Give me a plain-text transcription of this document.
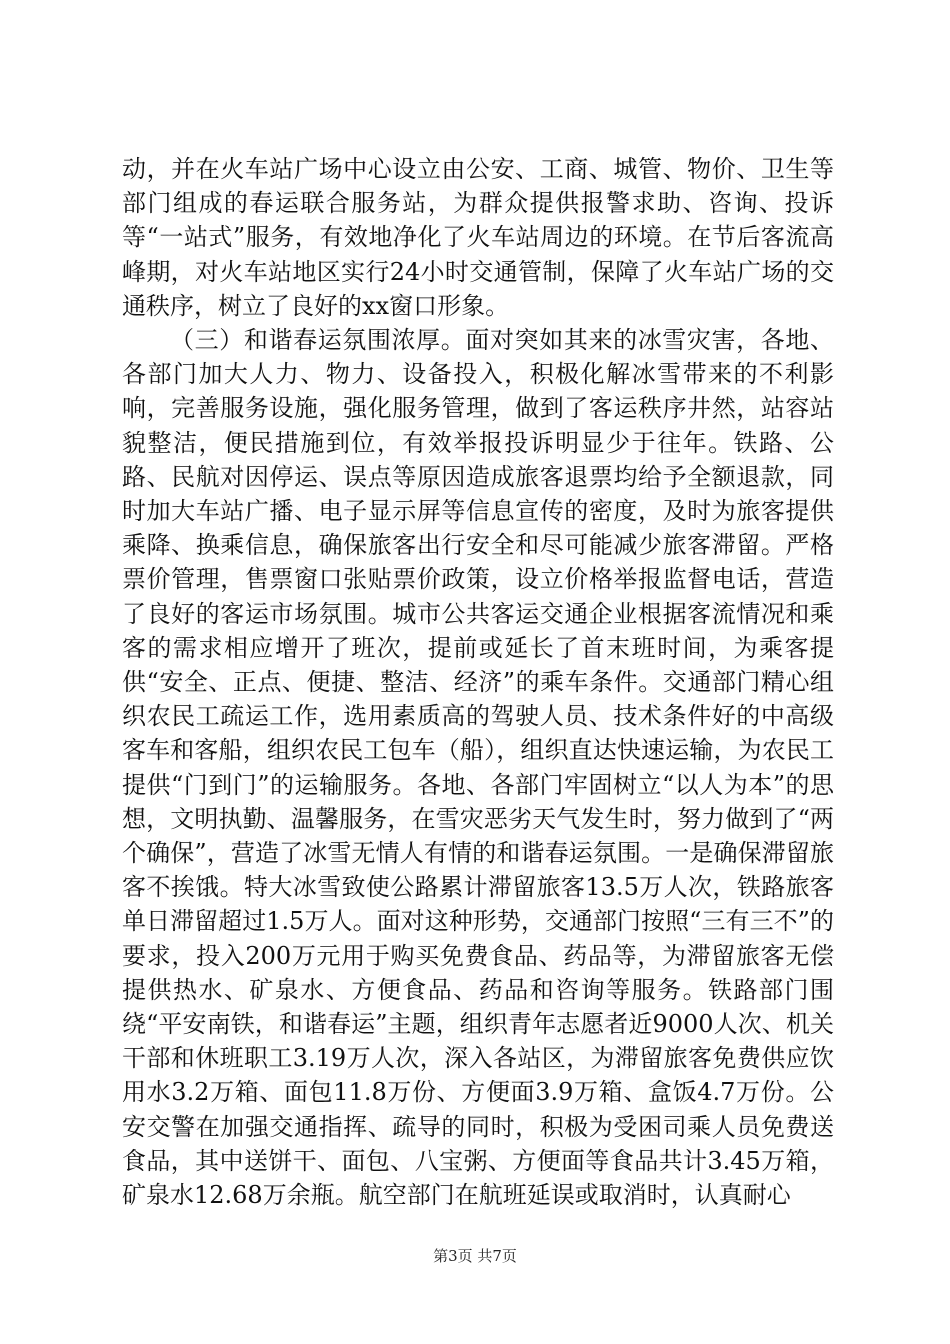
动，并在火车站广场中心设立由公安、工商、城管、物价、卫生等部门组成的春运联合服务站，为群众提供报警求助、咨询、投诉等“一站式”服务，有效地净化了火车站周边的环境。在节后客流高峰期，对火车站地区实行24小时交通管制，保障了火车站广场的交通秩序，树立了良好的xx窗口形象。

（三）和谐春运氛围浓厚。面对突如其来的冰雪灾害，各地、各部门加大人力、物力、设备投入，积极化解冰雪带来的不利影响，完善服务设施，强化服务管理，做到了客运秩序井然，站容站貌整洁，便民措施到位，有效举报投诉明显少于往年。铁路、公路、民航对因停运、误点等原因造成旅客退票均给予全额退款，同时加大车站广播、电子显示屏等信息宣传的密度，及时为旅客提供乘降、换乘信息，确保旅客出行安全和尽可能减少旅客滞留。严格票价管理，售票窗口张贴票价政策，设立价格举报监督电话，营造了良好的客运市场氛围。城市公共客运交通企业根据客流情况和乘客的需求相应增开了班次，提前或延长了首末班时间，为乘客提供“安全、正点、便捷、整洁、经济”的乘车条件。交通部门精心组织农民工疏运工作，选用素质高的驾驶人员、技术条件好的中高级客车和客船，组织农民工包车（船），组织直达快速运输，为农民工提供“门到门”的运输服务。各地、各部门牢固树立“以人为本”的思想，文明执勤、温馨服务，在雪灾恶劣天气发生时，努力做到了“两个确保”，营造了冰雪无情人有情的和谐春运氛围。一是确保滞留旅客不挨饿。特大冰雪致使公路累计滞留旅客13.5万人次，铁路旅客单日滞留超过1.5万人。面对这种形势，交通部门按照“三有三不”的要求，投入200万元用于购买免费食品、药品等，为滞留旅客无偿提供热水、矿泉水、方便食品、药品和咨询等服务。铁路部门围绕“平安南铁，和谐春运”主题，组织青年志愿者近9000人次、机关干部和休班职工3.19万人次，深入各站区，为滞留旅客免费供应饮用水3.2万箱、面包11.8万份、方便面3.9万箱、盒饭4.7万份。公安交警在加强交通指挥、疏导的同时，积极为受困司乘人员免费送食品，其中送饼干、面包、八宝粥、方便面等食品共计3.45万箱，矿泉水12.68万余瓶。航空部门在航班延误或取消时，认真耐心

第3页 共7页
